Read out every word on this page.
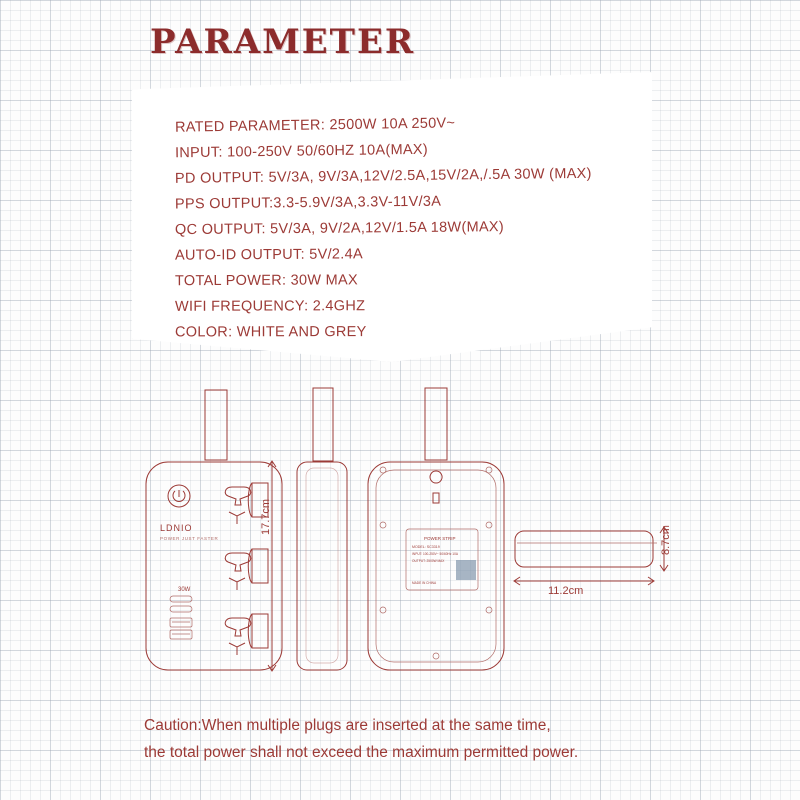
PARAMETER
RATED PARAMETER: 2500W 10A 250V~
INPUT: 100-250V 50/60HZ 10A(MAX)
PD OUTPUT: 5V/3A, 9V/3A,12V/2.5A,15V/2A,/.5A 30W (MAX)
PPS OUTPUT:3.3-5.9V/3A,3.3V-11V/3A
QC OUTPUT: 5V/3A, 9V/2A,12V/1.5A 18W(MAX)
AUTO-ID OUTPUT: 5V/2.4A
TOTAL POWER: 30W MAX
WIFI FREQUENCY: 2.4GHZ
COLOR: WHITE AND GREY
LDNIO
POWER JUST FASTER
30W
POWER STRIP
MODEL: SC3319
INPUT: 100-250V~ 50/60Hz 10A
OUTPUT: 2500W MAX
MADE IN CHINA
17.7cm
11.2cm
8.7cm
Caution:When multiple plugs are inserted at the same time,
the total power shall not exceed the maximum permitted power.
